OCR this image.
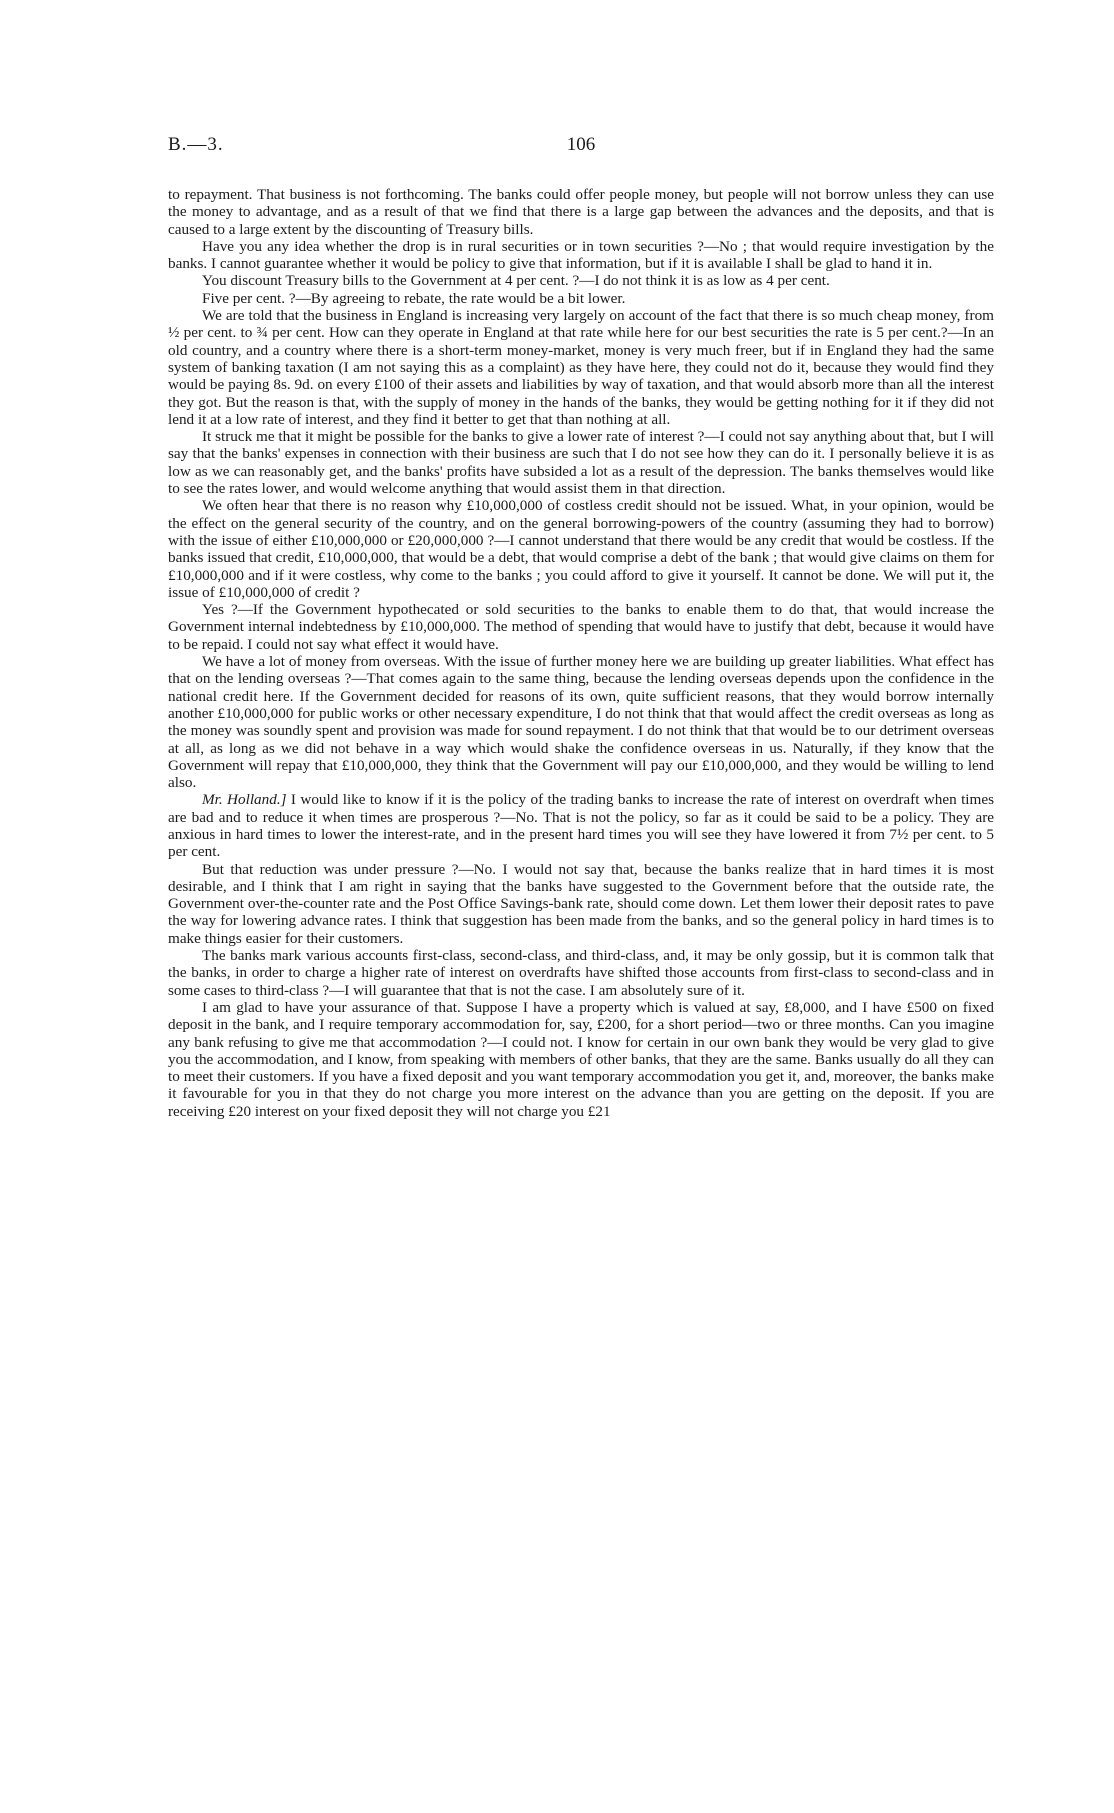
B.—3.	106

to repayment. That business is not forthcoming. The banks could offer people money, but people will not borrow unless they can use the money to advantage, and as a result of that we find that there is a large gap between the advances and the deposits, and that is caused to a large extent by the discounting of Treasury bills.

Have you any idea whether the drop is in rural securities or in town securities ?—No ; that would require investigation by the banks. I cannot guarantee whether it would be policy to give that information, but if it is available I shall be glad to hand it in.

You discount Treasury bills to the Government at 4 per cent. ?—I do not think it is as low as 4 per cent.

Five per cent. ?—By agreeing to rebate, the rate would be a bit lower.

We are told that the business in England is increasing very largely on account of the fact that there is so much cheap money, from ½ per cent. to ¾ per cent. How can they operate in England at that rate while here for our best securities the rate is 5 per cent.?—In an old country, and a country where there is a short-term money-market, money is very much freer, but if in England they had the same system of banking taxation (I am not saying this as a complaint) as they have here, they could not do it, because they would find they would be paying 8s. 9d. on every £100 of their assets and liabilities by way of taxation, and that would absorb more than all the interest they got. But the reason is that, with the supply of money in the hands of the banks, they would be getting nothing for it if they did not lend it at a low rate of interest, and they find it better to get that than nothing at all.

It struck me that it might be possible for the banks to give a lower rate of interest ?—I could not say anything about that, but I will say that the banks' expenses in connection with their business are such that I do not see how they can do it. I personally believe it is as low as we can reasonably get, and the banks' profits have subsided a lot as a result of the depression. The banks themselves would like to see the rates lower, and would welcome anything that would assist them in that direction.

We often hear that there is no reason why £10,000,000 of costless credit should not be issued. What, in your opinion, would be the effect on the general security of the country, and on the general borrowing-powers of the country (assuming they had to borrow) with the issue of either £10,000,000 or £20,000,000 ?—I cannot understand that there would be any credit that would be costless. If the banks issued that credit, £10,000,000, that would be a debt, that would comprise a debt of the bank ; that would give claims on them for £10,000,000 and if it were costless, why come to the banks ; you could afford to give it yourself. It cannot be done. We will put it, the issue of £10,000,000 of credit ?

Yes ?—If the Government hypothecated or sold securities to the banks to enable them to do that, that would increase the Government internal indebtedness by £10,000,000. The method of spending that would have to justify that debt, because it would have to be repaid. I could not say what effect it would have.

We have a lot of money from overseas. With the issue of further money here we are building up greater liabilities. What effect has that on the lending overseas ?—That comes again to the same thing, because the lending overseas depends upon the confidence in the national credit here. If the Government decided for reasons of its own, quite sufficient reasons, that they would borrow internally another £10,000,000 for public works or other necessary expenditure, I do not think that that would affect the credit overseas as long as the money was soundly spent and provision was made for sound repayment. I do not think that that would be to our detriment overseas at all, as long as we did not behave in a way which would shake the confidence overseas in us. Naturally, if they know that the Government will repay that £10,000,000, they think that the Government will pay our £10,000,000, and they would be willing to lend also.

Mr. Holland.] I would like to know if it is the policy of the trading banks to increase the rate of interest on overdraft when times are bad and to reduce it when times are prosperous ?—No. That is not the policy, so far as it could be said to be a policy. They are anxious in hard times to lower the interest-rate, and in the present hard times you will see they have lowered it from 7½ per cent. to 5 per cent.

But that reduction was under pressure ?—No. I would not say that, because the banks realize that in hard times it is most desirable, and I think that I am right in saying that the banks have suggested to the Government before that the outside rate, the Government over-the-counter rate and the Post Office Savings-bank rate, should come down. Let them lower their deposit rates to pave the way for lowering advance rates. I think that suggestion has been made from the banks, and so the general policy in hard times is to make things easier for their customers.

The banks mark various accounts first-class, second-class, and third-class, and, it may be only gossip, but it is common talk that the banks, in order to charge a higher rate of interest on overdrafts have shifted those accounts from first-class to second-class and in some cases to third-class ?—I will guarantee that that is not the case. I am absolutely sure of it.

I am glad to have your assurance of that. Suppose I have a property which is valued at say, £8,000, and I have £500 on fixed deposit in the bank, and I require temporary accommodation for, say, £200, for a short period—two or three months. Can you imagine any bank refusing to give me that accommodation ?—I could not. I know for certain in our own bank they would be very glad to give you the accommodation, and I know, from speaking with members of other banks, that they are the same. Banks usually do all they can to meet their customers. If you have a fixed deposit and you want temporary accommodation you get it, and, moreover, the banks make it favourable for you in that they do not charge you more interest on the advance than you are getting on the deposit. If you are receiving £20 interest on your fixed deposit they will not charge you £21
